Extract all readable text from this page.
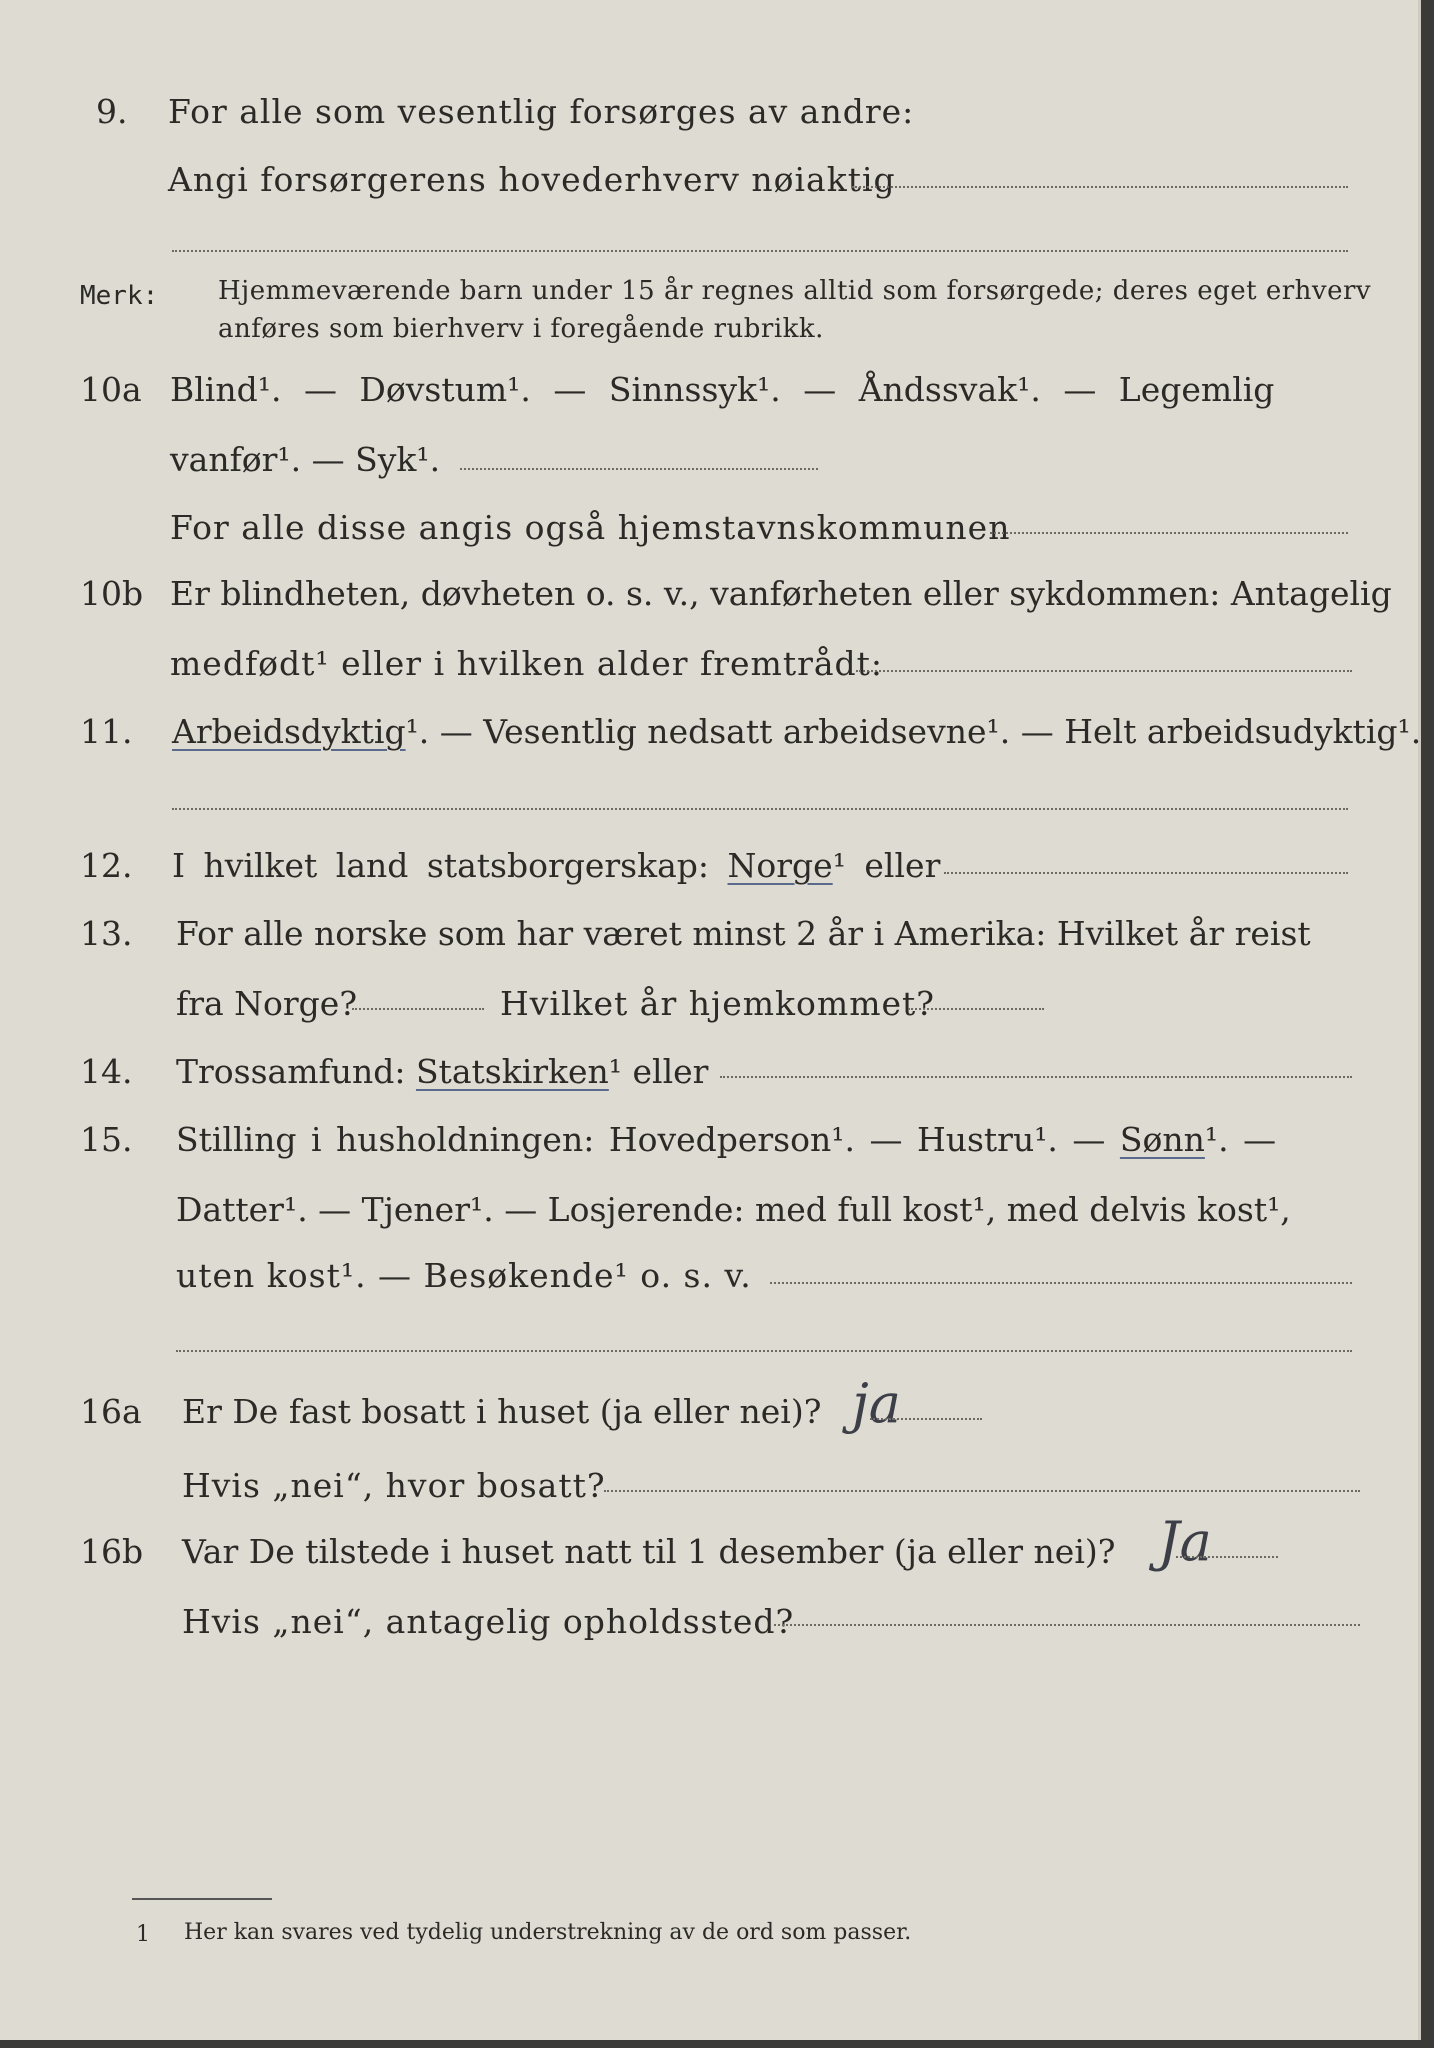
9. For alle som vesentlig forsørges av andre:
Angi forsørgerens hovederhverv nøiaktig
Merk: Hjemmeværende barn under 15 år regnes alltid som forsørgede; deres eget erhverv
anføres som bierhverv i foregående rubrikk.
10a Blind¹. — Døvstum¹. — Sinnssyk¹. — Åndssvak¹. — Legemlig
vanfør¹. — Syk¹.
For alle disse angis også hjemstavnskommunen
10b Er blindheten, døvheten o. s. v., vanførheten eller sykdommen: Antagelig
medfødt¹ eller i hvilken alder fremtrådt:
11. Arbeidsdyktig¹. — Vesentlig nedsatt arbeidsevne¹. — Helt arbeidsudyktig¹.
12. I hvilket land statsborgerskap: Norge¹ eller
13. For alle norske som har været minst 2 år i Amerika: Hvilket år reist
fra Norge?	Hvilket år hjemkommet?
14. Trossamfund: Statskirken¹ eller
15. Stilling i husholdningen: Hovedperson¹. — Hustru¹. — Sønn¹. —
Datter¹. — Tjener¹. — Losjerende: med full kost¹, med delvis kost¹,
uten kost¹. — Besøkende¹ o. s. v.
16a Er De fast bosatt i huset (ja eller nei)? ja
Hvis „nei“, hvor bosatt?
16b Var De tilstede i huset natt til 1 desember (ja eller nei)? Ja
Hvis „nei“, antagelig opholdssted?
1 Her kan svares ved tydelig understrekning av de ord som passer.
